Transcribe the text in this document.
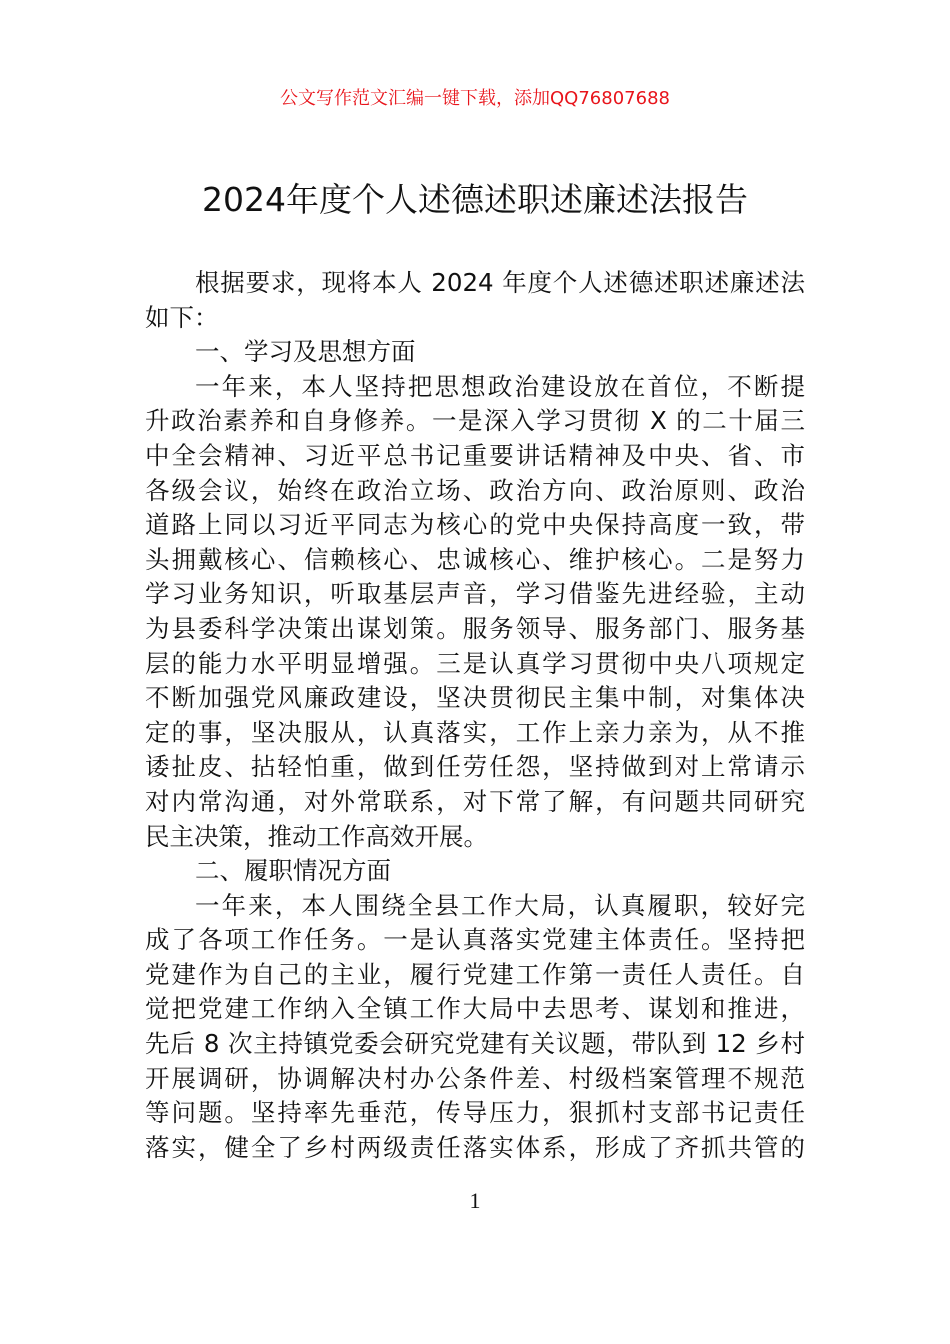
公文写作范文汇编一键下载，添加QQ76807688
2024年度个人述德述职述廉述法报告
根据要求，现将本人 2024 年度个人述德述职述廉述法
如下：
一、学习及思想方面
一年来，本人坚持把思想政治建设放在首位，不断提
升政治素养和自身修养。一是深入学习贯彻 X 的二十届三
中全会精神、习近平总书记重要讲话精神及中央、省、市
各级会议，始终在政治立场、政治方向、政治原则、政治
道路上同以习近平同志为核心的党中央保持高度一致，带
头拥戴核心、信赖核心、忠诚核心、维护核心。二是努力
学习业务知识，听取基层声音，学习借鉴先进经验，主动
为县委科学决策出谋划策。服务领导、服务部门、服务基
层的能力水平明显增强。三是认真学习贯彻中央八项规定
不断加强党风廉政建设，坚决贯彻民主集中制，对集体决
定的事，坚决服从，认真落实，工作上亲力亲为，从不推
诿扯皮、拈轻怕重，做到任劳任怨，坚持做到对上常请示
对内常沟通，对外常联系，对下常了解，有问题共同研究
民主决策，推动工作高效开展。
二、履职情况方面
一年来，本人围绕全县工作大局，认真履职，较好完
成了各项工作任务。一是认真落实党建主体责任。坚持把
党建作为自己的主业，履行党建工作第一责任人责任。自
觉把党建工作纳入全镇工作大局中去思考、谋划和推进，
先后 8 次主持镇党委会研究党建有关议题，带队到 12 乡村
开展调研，协调解决村办公条件差、村级档案管理不规范
等问题。坚持率先垂范，传导压力，狠抓村支部书记责任
落实，健全了乡村两级责任落实体系，形成了齐抓共管的
1
